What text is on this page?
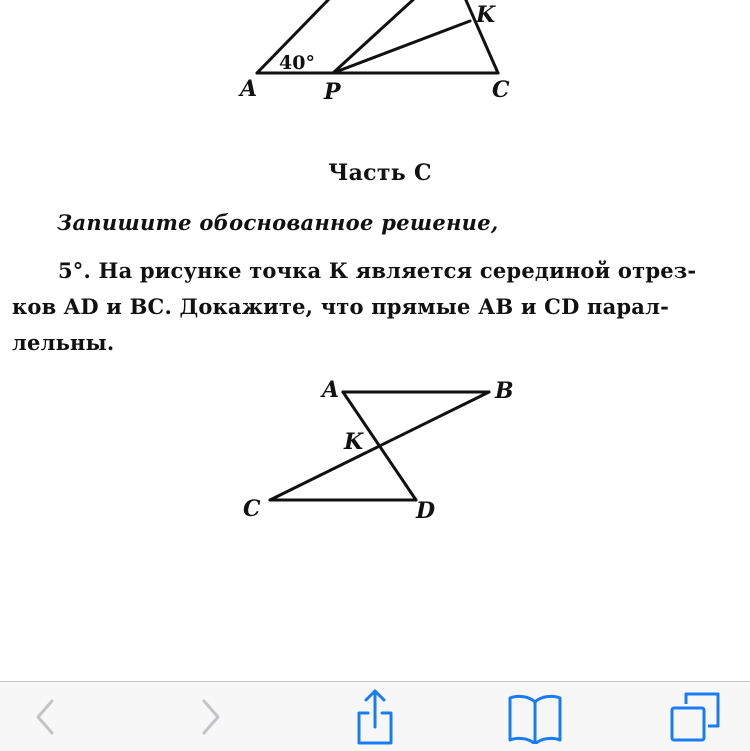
A	P	C
K
40°
Часть С
Запишите обоснованное решение,
5°. На рисунке точка К является серединой отрез-
ков AD и ВС. Докажите, что прямые АВ и CD парал-
лельны.
A	B
K
C	D
